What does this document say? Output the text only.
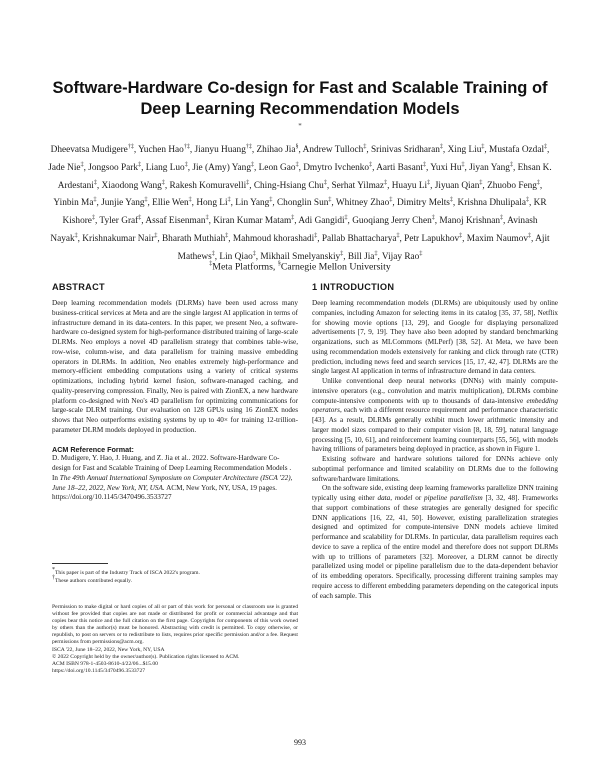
Software-Hardware Co-design for Fast and Scalable Training of Deep Learning Recommendation Models
*
Dheevatsa Mudigere†‡, Yuchen Hao†‡, Jianyu Huang†‡, Zhihao Jia§, Andrew Tulloch‡, Srinivas Sridharan‡, Xing Liu‡, Mustafa Ozdal‡, Jade Nie‡, Jongsoo Park‡, Liang Luo‡, Jie (Amy) Yang‡, Leon Gao‡, Dmytro Ivchenko‡, Aarti Basant‡, Yuxi Hu‡, Jiyan Yang‡, Ehsan K. Ardestani‡, Xiaodong Wang‡, Rakesh Komuravelli‡, Ching-Hsiang Chu‡, Serhat Yilmaz‡, Huayu Li‡, Jiyuan Qian‡, Zhuobo Feng‡, Yinbin Ma‡, Junjie Yang‡, Ellie Wen‡, Hong Li‡, Lin Yang‡, Chonglin Sun‡, Whitney Zhao‡, Dimitry Melts‡, Krishna Dhulipala‡, KR Kishore‡, Tyler Graf‡, Assaf Eisenman‡, Kiran Kumar Matam‡, Adi Gangidi‡, Guoqiang Jerry Chen‡, Manoj Krishnan‡, Avinash Nayak‡, Krishnakumar Nair‡, Bharath Muthiah‡, Mahmoud khorashadi‡, Pallab Bhattacharya‡, Petr Lapukhov‡, Maxim Naumov‡, Ajit Mathews‡, Lin Qiao‡, Mikhail Smelyanskiy‡, Bill Jia‡, Vijay Rao‡
‡Meta Platforms, §Carnegie Mellon University
ABSTRACT

Deep learning recommendation models (DLRMs) have been used across many business-critical services at Meta and are the single largest AI application in terms of infrastructure demand in its data-centers. In this paper, we present Neo, a software-hardware co-designed system for high-performance distributed training of large-scale DLRMs. Neo employs a novel 4D parallelism strategy that combines table-wise, row-wise, column-wise, and data parallelism for training massive embedding operators in DLRMs. In addition, Neo enables extremely high-performance and memory-efficient embedding computations using a variety of critical systems optimizations, including hybrid kernel fusion, software-managed caching, and quality-preserving compression. Finally, Neo is paired with ZionEX, a new hardware platform co-designed with Neo's 4D parallelism for optimizing communications for large-scale DLRM training. Our evaluation on 128 GPUs using 16 ZionEX nodes shows that Neo outperforms existing systems by up to 40× for training 12-trillion-parameter DLRM models deployed in production.

ACM Reference Format:

D. Mudigere, Y. Hao, J. Huang, and Z. Jia et al.. 2022. Software-Hardware Co-design for Fast and Scalable Training of Deep Learning Recommendation Models . In The 49th Annual International Symposium on Computer Architecture (ISCA '22), June 18–22, 2022, New York, NY, USA. ACM, New York, NY, USA, 19 pages. https://doi.org/10.1145/3470496.3533727

*This paper is part of the Industry Track of ISCA 2022's program.
†These authors contributed equally.

Permission to make digital or hard copies of all or part of this work for personal or classroom use is granted without fee provided that copies are not made or distributed for profit or commercial advantage and that copies bear this notice and the full citation on the first page. Copyrights for components of this work owned by others than the author(s) must be honored. Abstracting with credit is permitted. To copy otherwise, or republish, to post on servers or to redistribute to lists, requires prior specific permission and/or a fee. Request permissions from permissions@acm.org.

ISCA '22, June 18–22, 2022, New York, NY, USA

© 2022 Copyright held by the owner/author(s). Publication rights licensed to ACM.

ACM ISBN 978-1-4503-8610-4/22/06...$15.00

https://doi.org/10.1145/3470496.3533727

1 INTRODUCTION

Deep learning recommendation models (DLRMs) are ubiquitously used by online companies, including Amazon for selecting items in its catalog [35, 37, 58], Netflix for showing movie options [13, 29], and Google for displaying personalized advertisements [7, 9, 19]. They have also been adopted by standard benchmarking organizations, such as MLCommons (MLPerf) [38, 52]. At Meta, we have been using recommendation models extensively for ranking and click through rate (CTR) prediction, including news feed and search services [15, 17, 42, 47]. DLRMs are the single largest AI application in terms of infrastructure demand in data centers.

Unlike conventional deep neural networks (DNNs) with mainly compute-intensive operators (e.g., convolution and matrix multiplication), DLRMs combine compute-intensive components with up to thousands of data-intensive embedding operators, each with a different resource requirement and performance characteristic [43]. As a result, DLRMs generally exhibit much lower arithmetic intensity and larger model sizes compared to their computer vision [8, 18, 59], natural language processing [5, 10, 61], and reinforcement learning counterparts [55, 56], with models having trillions of parameters being deployed in practice, as shown in Figure 1.

Existing software and hardware solutions tailored for DNNs achieve only suboptimal performance and limited scalability on DLRMs due to the following software/hardware limitations.

On the software side, existing deep learning frameworks parallelize DNN training typically using either data, model or pipeline parallelism [3, 32, 48]. Frameworks that support combinations of these strategies are generally designed for specific DNN applications [16, 22, 41, 50]. However, existing parallelization strategies designed and optimized for compute-intensive DNN models achieve limited performance and scalability for DLRMs. In particular, data parallelism requires each device to save a replica of the entire model and therefore does not support DLRMs with up to trillions of parameters [32]. Moreover, a DLRM cannot be directly parallelized using model or pipeline parallelism due to the data-dependent behavior of its embedding operators. Specifically, processing different training samples may require access to different embedding parameters depending on the categorical inputs of each sample. This

993
